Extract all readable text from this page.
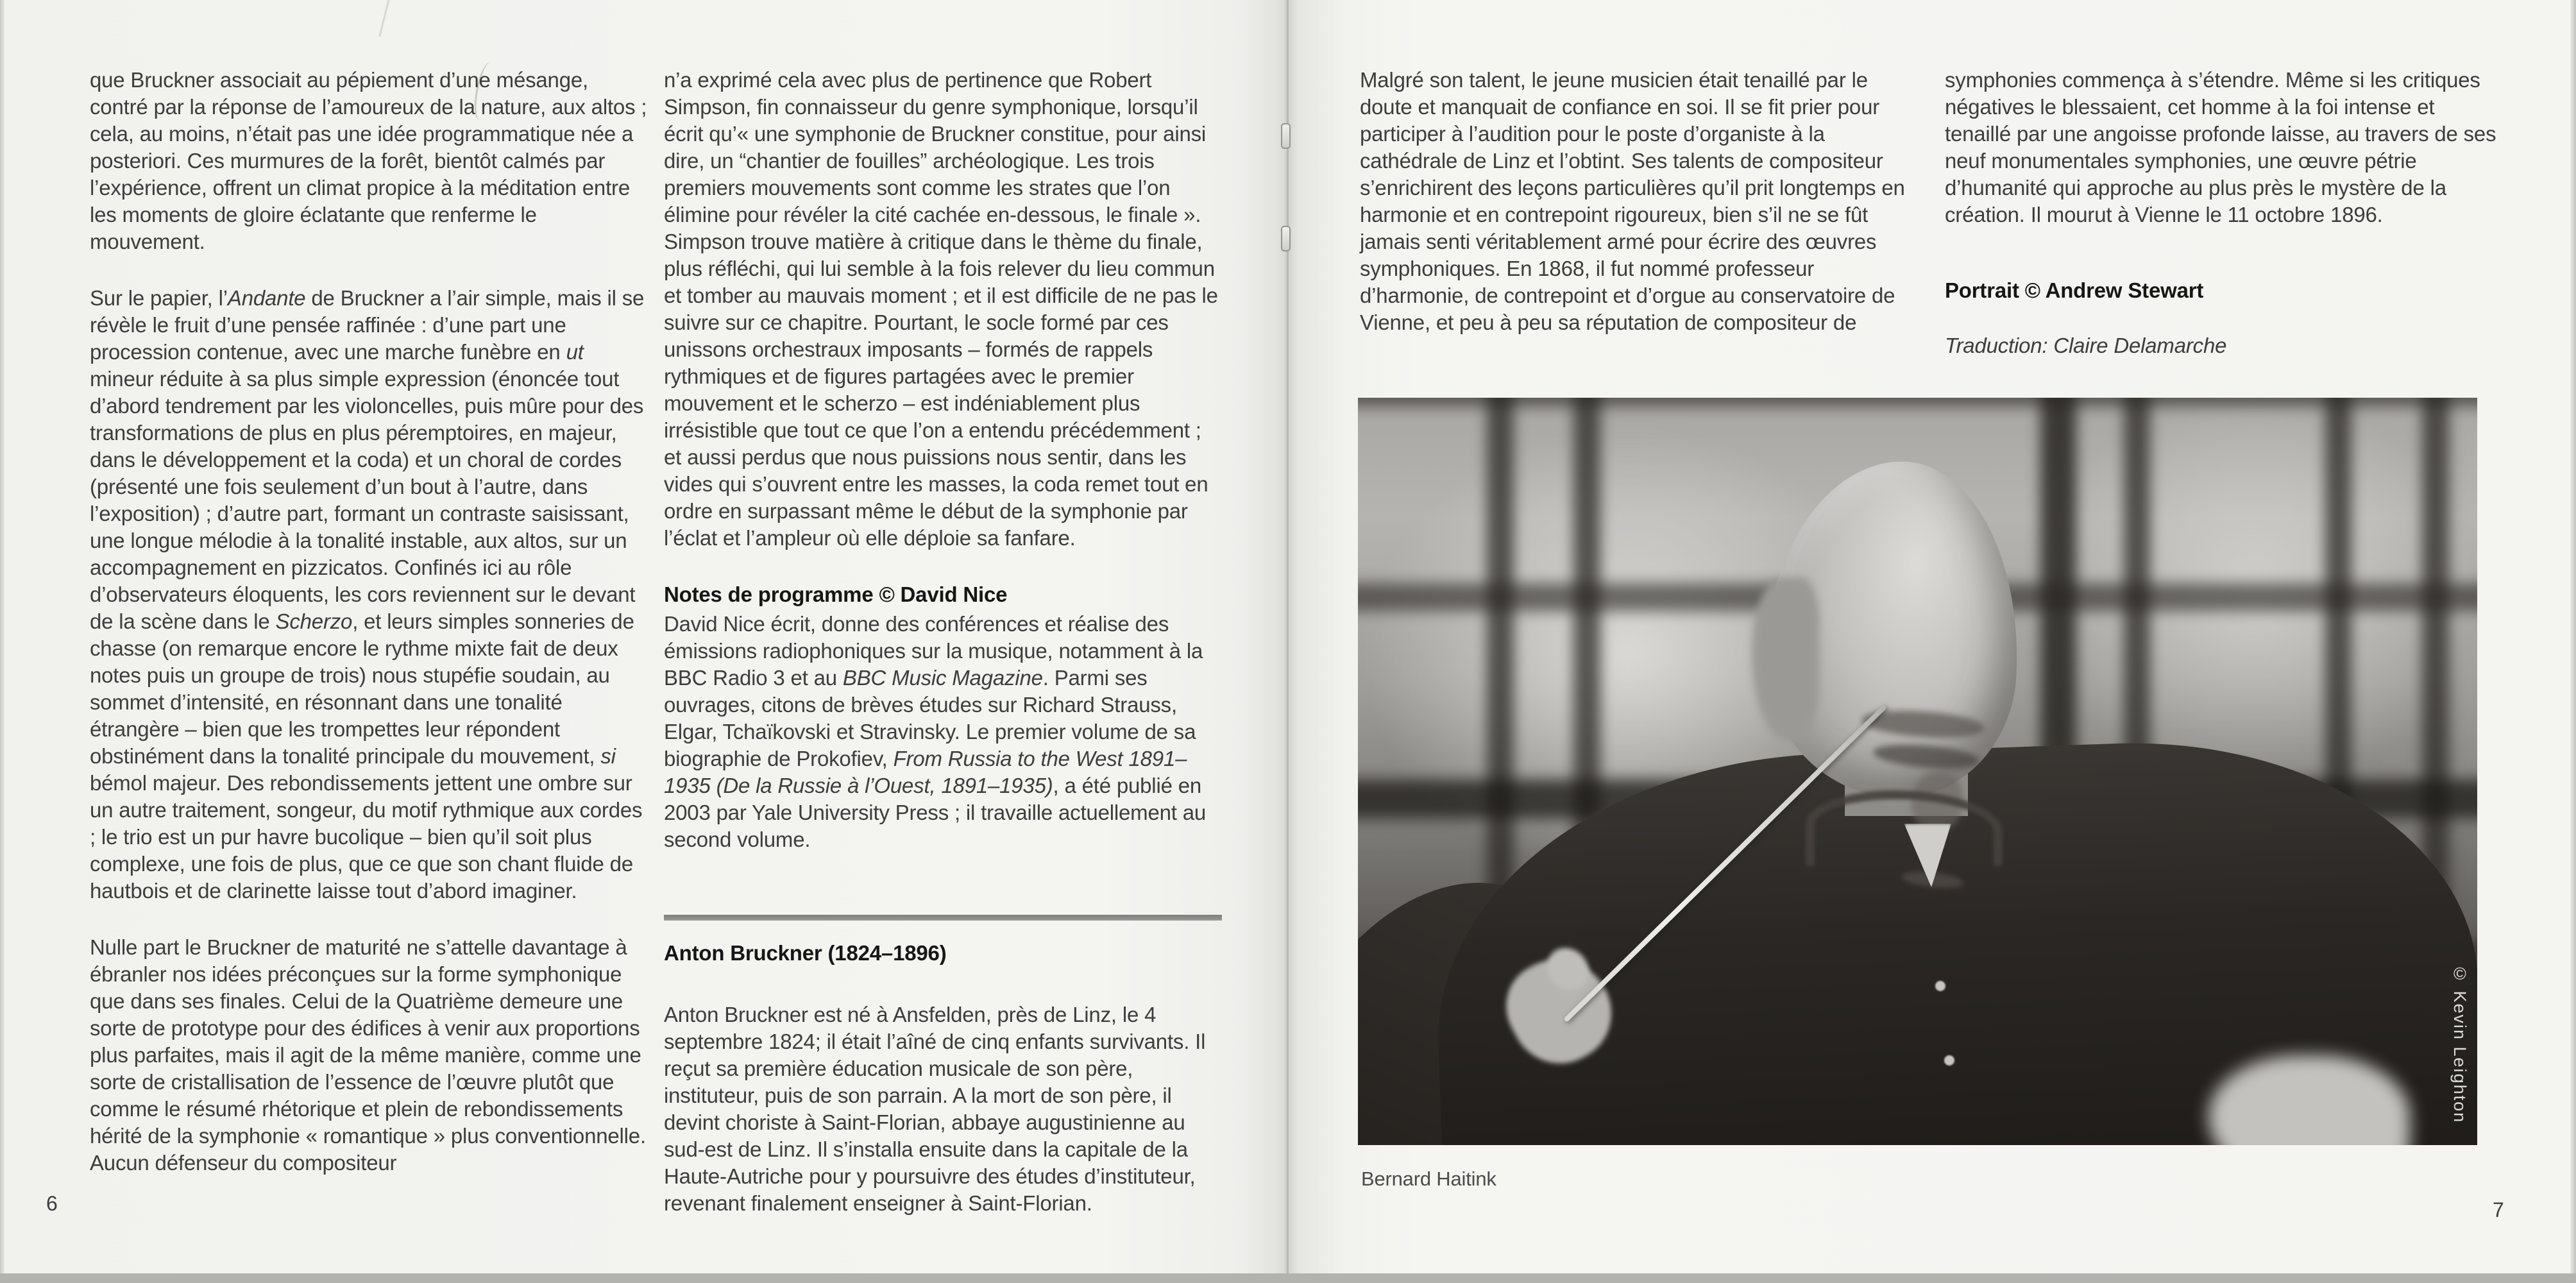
que Bruckner associait au pépiement d’une mésange, contré par la réponse de l’amoureux de la nature, aux altos ; cela, au moins, n’était pas une idée programmatique née a posteriori. Ces murmures de la forêt, bientôt calmés par l’expérience, offrent un climat propice à la méditation entre les moments de gloire éclatante que renferme le mouvement.

Sur le papier, l’Andante de Bruckner a l’air simple, mais il se révèle le fruit d’une pensée raffinée : d’une part une procession contenue, avec une marche funèbre en ut mineur réduite à sa plus simple expression (énoncée tout d’abord tendrement par les violoncelles, puis mûre pour des transformations de plus en plus péremptoires, en majeur, dans le développement et la coda) et un choral de cordes (présenté une fois seulement d’un bout à l’autre, dans l’exposition) ; d’autre part, formant un contraste saisissant, une longue mélodie à la tonalité instable, aux altos, sur un accompagnement en pizzicatos. Confinés ici au rôle d’observateurs éloquents, les cors reviennent sur le devant de la scène dans le Scherzo, et leurs simples sonneries de chasse (on remarque encore le rythme mixte fait de deux notes puis un groupe de trois) nous stupéfie soudain, au sommet d’intensité, en résonnant dans une tonalité étrangère – bien que les trompettes leur répondent obstinément dans la tonalité principale du mouvement, si bémol majeur. Des rebondissements jettent une ombre sur un autre traitement, songeur, du motif rythmique aux cordes ; le trio est un pur havre bucolique – bien qu’il soit plus complexe, une fois de plus, que ce que son chant fluide de hautbois et de clarinette laisse tout d’abord imaginer.

Nulle part le Bruckner de maturité ne s’attelle davantage à ébranler nos idées préconçues sur la forme symphonique que dans ses finales. Celui de la Quatrième demeure une sorte de prototype pour des édifices à venir aux proportions plus parfaites, mais il agit de la même manière, comme une sorte de cristallisation de l’essence de l’œuvre plutôt que comme le résumé rhétorique et plein de rebondissements hérité de la symphonie « romantique » plus conventionnelle. Aucun défenseur du compositeur

n’a exprimé cela avec plus de pertinence que Robert Simpson, fin connaisseur du genre symphonique, lorsqu’il écrit qu’« une symphonie de Bruckner constitue, pour ainsi dire, un “chantier de fouilles” archéologique. Les trois premiers mouvements sont comme les strates que l’on élimine pour révéler la cité cachée en-dessous, le finale ». Simpson trouve matière à critique dans le thème du finale, plus réfléchi, qui lui semble à la fois relever du lieu commun et tomber au mauvais moment ; et il est difficile de ne pas le suivre sur ce chapitre. Pourtant, le socle formé par ces unissons orchestraux imposants – formés de rappels rythmiques et de figures partagées avec le premier mouvement et le scherzo – est indéniablement plus irrésistible que tout ce que l’on a entendu précédemment ; et aussi perdus que nous puissions nous sentir, dans les vides qui s’ouvrent entre les masses, la coda remet tout en ordre en surpassant même le début de la symphonie par l’éclat et l’ampleur où elle déploie sa fanfare.

Notes de programme © David Nice

David Nice écrit, donne des conférences et réalise des émissions radiophoniques sur la musique, notamment à la BBC Radio 3 et au BBC Music Magazine. Parmi ses ouvrages, citons de brèves études sur Richard Strauss, Elgar, Tchaïkovski et Stravinsky. Le premier volume de sa biographie de Prokofiev, From Russia to the West 1891–1935 (De la Russie à l’Ouest, 1891–1935), a été publié en 2003 par Yale University Press ; il travaille actuellement au second volume.

Anton Bruckner (1824–1896)

Anton Bruckner est né à Ansfelden, près de Linz, le 4 septembre 1824; il était l’aîné de cinq enfants survivants. Il reçut sa première éducation musicale de son père, instituteur, puis de son parrain. A la mort de son père, il devint choriste à Saint-Florian, abbaye augustinienne au sud-est de Linz. Il s’installa ensuite dans la capitale de la Haute-Autriche pour y poursuivre des études d’instituteur, revenant finalement enseigner à Saint-Florian.

Malgré son talent, le jeune musicien était tenaillé par le doute et manquait de confiance en soi. Il se fit prier pour participer à l’audition pour le poste d’organiste à la cathédrale de Linz et l’obtint. Ses talents de compositeur s’enrichirent des leçons particulières qu’il prit longtemps en harmonie et en contrepoint rigoureux, bien s’il ne se fût jamais senti véritablement armé pour écrire des œuvres symphoniques. En 1868, il fut nommé professeur d’harmonie, de contrepoint et d’orgue au conservatoire de Vienne, et peu à peu sa réputation de compositeur de

symphonies commença à s’étendre. Même si les critiques négatives le blessaient, cet homme à la foi intense et tenaillé par une angoisse profonde laisse, au travers de ses neuf monumentales symphonies, une œuvre pétrie d’humanité qui approche au plus près le mystère de la création. Il mourut à Vienne le 11 octobre 1896.

Portrait © Andrew Stewart
Traduction: Claire Delamarche
© Kevin Leighton
Bernard Haitink
6	7
